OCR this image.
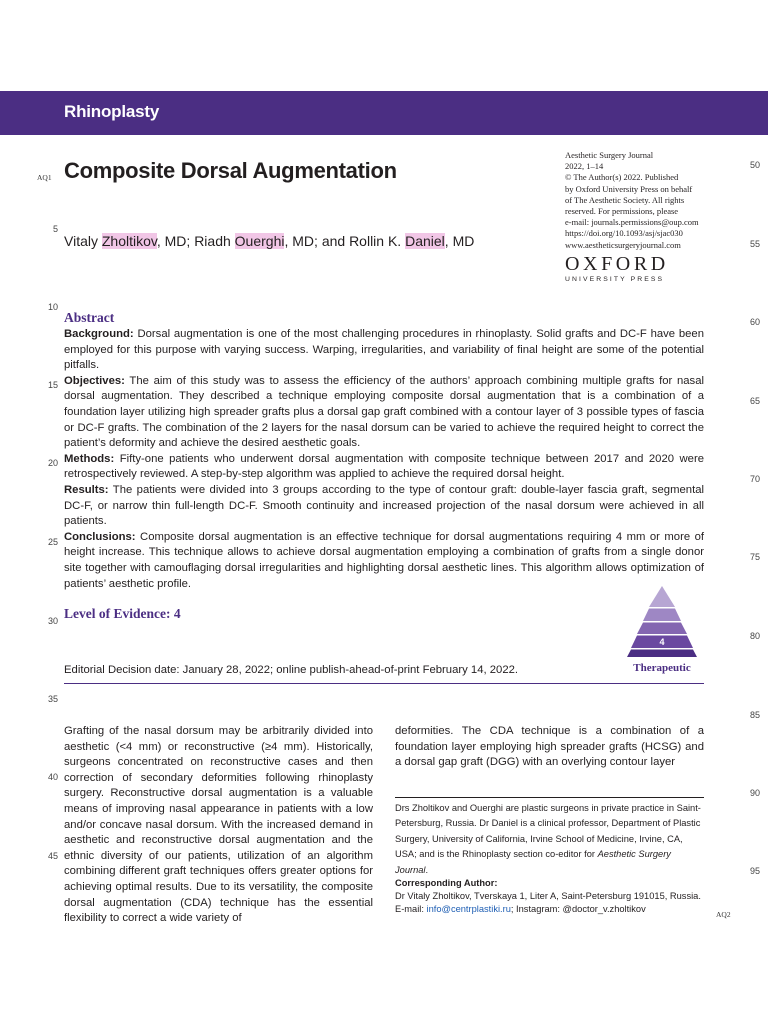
Rhinoplasty
5
10
15
20
25
30
35
40
45
50
55
60
65
70
75
80
85
90
95
AQ1
AQ2
Composite Dorsal Augmentation
Vitaly Zholtikov, MD; Riadh Ouerghi, MD; and Rollin K. Daniel, MD
Aesthetic Surgery Journal
2022, 1–14
© The Author(s) 2022. Published
by Oxford University Press on behalf
of The Aesthetic Society. All rights
reserved. For permissions, please
e-mail: journals.permissions@oup.com
https://doi.org/10.1093/asj/sjac030
www.aestheticsurgeryjournal.com
OXFORD
UNIVERSITY PRESS
Abstract

Background: Dorsal augmentation is one of the most challenging procedures in rhinoplasty. Solid grafts and DC-F have been employed for this purpose with varying success. Warping, irregularities, and variability of final height are some of the potential pitfalls.

Objectives: The aim of this study was to assess the efficiency of the authors’ approach combining multiple grafts for nasal dorsal augmentation. They described a technique employing composite dorsal augmentation that is a combination of a foundation layer utilizing high spreader grafts plus a dorsal gap graft combined with a contour layer of 3 possible types of fascia or DC-F grafts. The combination of the 2 layers for the nasal dorsum can be varied to achieve the required height to correct the patient’s deformity and achieve the desired aesthetic goals.

Methods: Fifty-one patients who underwent dorsal augmentation with composite technique between 2017 and 2020 were retrospectively reviewed. A step-by-step algorithm was applied to achieve the required dorsal height.

Results: The patients were divided into 3 groups according to the type of contour graft: double-layer fascia graft, segmental DC-F, or narrow thin full-length DC-F. Smooth continuity and increased projection of the nasal dorsum were achieved in all patients.

Conclusions: Composite dorsal augmentation is an effective technique for dorsal augmentations requiring 4 mm or more of height increase. This technique allows to achieve dorsal augmentation employing a combination of grafts from a single donor site together with camouflaging dorsal irregularities and highlighting dorsal aesthetic lines. This algorithm allows optimization of patients’ aesthetic profile.

Level of Evidence: 4
4
Therapeutic
Editorial Decision date: January 28, 2022; online publish-ahead-of-print February 14, 2022.
Grafting of the nasal dorsum may be arbitrarily divided into aesthetic (<4 mm) or reconstructive (≥4 mm). Historically, surgeons concentrated on reconstructive cases and then correction of secondary deformities following rhinoplasty surgery. Reconstructive dorsal augmentation is a valuable means of improving nasal appearance in patients with a low and/or concave nasal dorsum. With the increased demand in aesthetic and reconstructive dorsal augmentation and the ethnic diversity of our patients, utilization of an algorithm combining different graft techniques offers greater options for achieving optimal results. Due to its versatility, the composite dorsal augmentation (CDA) technique has the essential flexibility to correct a wide variety of
deformities. The CDA technique is a combination of a foundation layer employing high spreader grafts (HCSG) and a dorsal gap graft (DGG) with an overlying contour layer
Drs Zholtikov and Ouerghi are plastic surgeons in private practice in Saint-Petersburg, Russia. Dr Daniel is a clinical professor, Department of Plastic Surgery, University of California, Irvine School of Medicine, Irvine, CA, USA; and is the Rhinoplasty section co-editor for Aesthetic Surgery Journal.
Corresponding Author:
Dr Vitaly Zholtikov, Tverskaya 1, Liter A, Saint-Petersburg 191015, Russia.
E-mail: info@centrplastiki.ru; Instagram: @doctor_v.zholtikov
